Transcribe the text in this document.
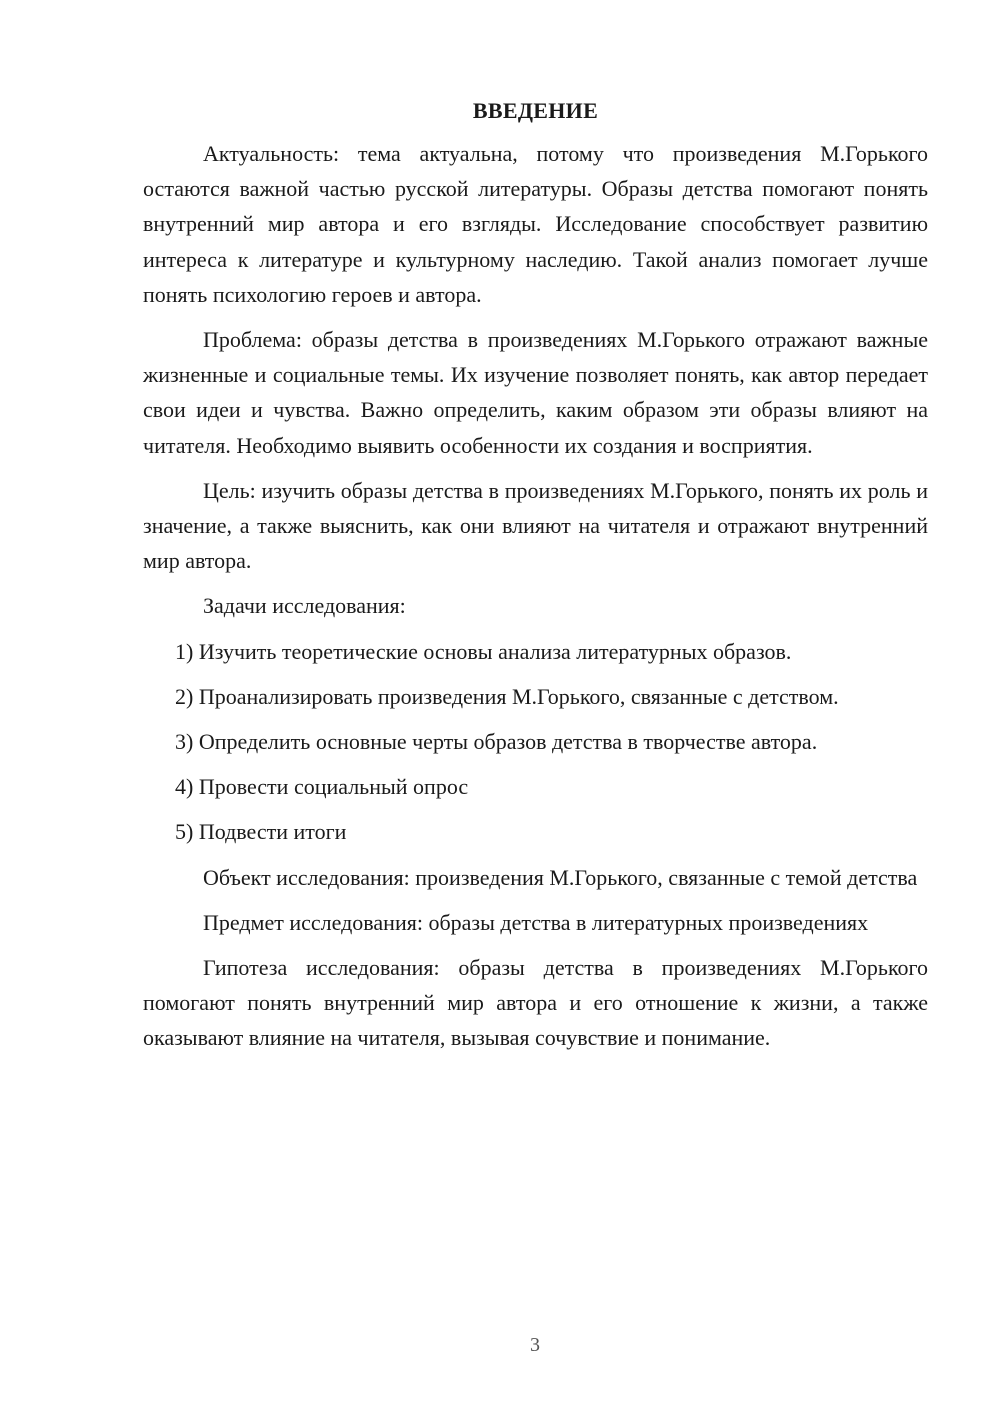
ВВЕДЕНИЕ

Актуальность: тема актуальна, потому что произведения М.Горького остаются важной частью русской литературы. Образы детства помогают понять внутренний мир автора и его взгляды. Исследование способствует развитию интереса к литературе и культурному наследию. Такой анализ помогает лучше понять психологию героев и автора.

Проблема: образы детства в произведениях М.Горького отражают важные жизненные и социальные темы. Их изучение позволяет понять, как автор передает свои идеи и чувства. Важно определить, каким образом эти образы влияют на читателя. Необходимо выявить особенности их создания и восприятия.

Цель: изучить образы детства в произведениях М.Горького, понять их роль и значение, а также выяснить, как они влияют на читателя и отражают внутренний мир автора.

Задачи исследования:

1) Изучить теоретические основы анализа литературных образов.

2) Проанализировать произведения М.Горького, связанные с детством.

3) Определить основные черты образов детства в творчестве автора.

4) Провести социальный опрос

5) Подвести итоги

Объект исследования: произведения М.Горького, связанные с темой детства

Предмет исследования: образы детства в литературных произведениях

Гипотеза исследования: образы детства в произведениях М.Горького помогают понять внутренний мир автора и его отношение к жизни, а также оказывают влияние на читателя, вызывая сочувствие и понимание.

3
